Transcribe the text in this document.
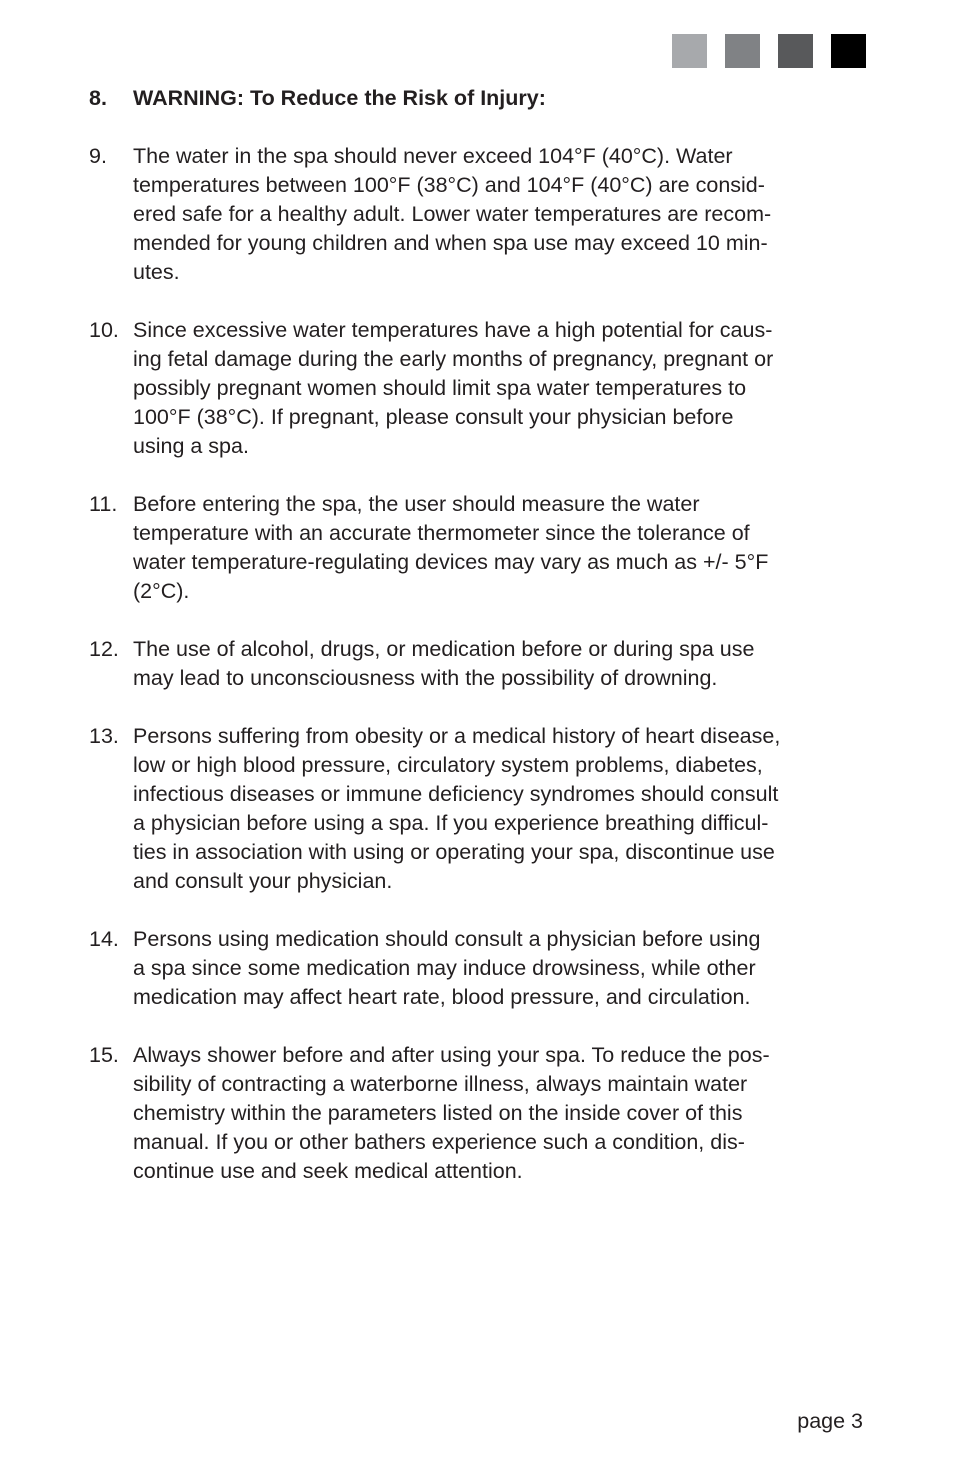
8.	WARNING: To Reduce the Risk of Injury:
9.	The water in the spa should never exceed 104°F (40°C). Water
temperatures between 100°F (38°C) and 104°F (40°C) are consid-
ered safe for a healthy adult. Lower water temperatures are recom-
mended for young children and when spa use may exceed 10 min-
utes.
10. Since excessive water temperatures have a high potential for caus-
ing fetal damage during the early months of pregnancy, pregnant or
possibly pregnant women should limit spa water temperatures to
100°F (38°C). If pregnant, please consult your physician before
using a spa.
11. Before entering the spa, the user should measure the water
temperature with an accurate thermometer since the tolerance of
water temperature-regulating devices may vary as much as +/- 5°F
(2°C).
12. The use of alcohol, drugs, or medication before or during spa use
may lead to unconsciousness with the possibility of drowning.
13. Persons suffering from obesity or a medical history of heart disease,
low or high blood pressure, circulatory system problems, diabetes,
infectious diseases or immune deficiency syndromes should consult
a physician before using a spa. If you experience breathing difficul-
ties in association with using or operating your spa, discontinue use
and consult your physician.
14. Persons using medication should consult a physician before using
a spa since some medication may induce drowsiness, while other
medication may affect heart rate, blood pressure, and circulation.
15. Always shower before and after using your spa. To reduce the pos-
sibility of contracting a waterborne illness, always maintain water
chemistry within the parameters listed on the inside cover of this
manual. If you or other bathers experience such a condition, dis-
continue use and seek medical attention.
page 3
